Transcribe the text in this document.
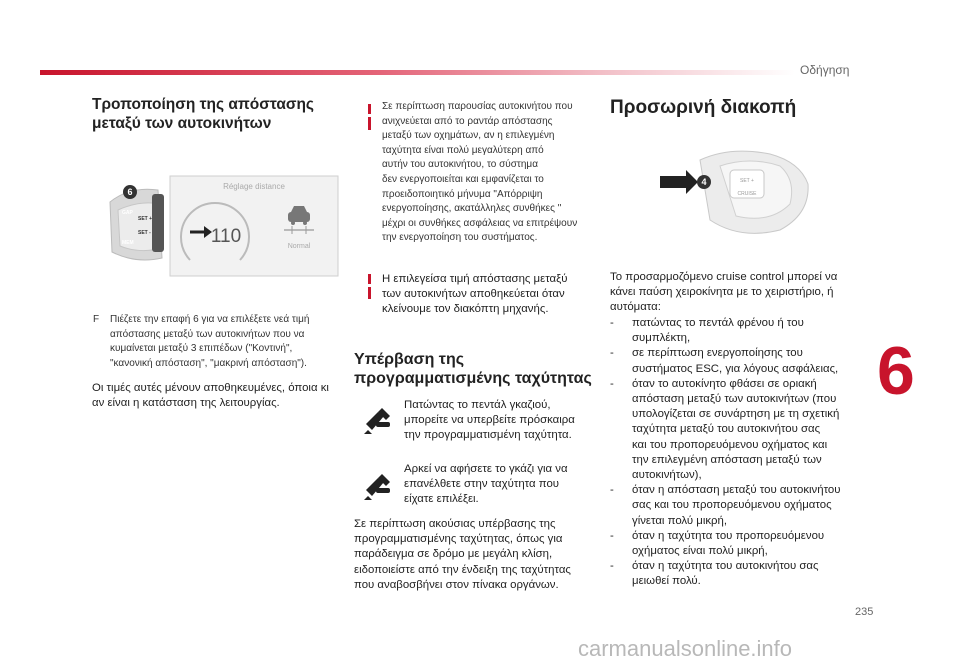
Οδήγηση
Τροποποίηση της απόστασης μεταξύ των αυτοκινήτων
GAP
SET +
SET -
MEM
6
Réglage distance
110	Normal
F Πιέζετε την επαφή 6 για να επιλέξετε νεά τιμή
απόστασης μεταξύ των αυτοκινήτων που να
κυμαίνεται μεταξύ 3 επιπέδων ("Κοντινή",
"κανονική απόσταση", "μακρινή απόσταση").
Οι τιμές αυτές μένουν αποθηκευμένες, όποια κι
αν είναι η κατάσταση της λειτουργίας.
Σε περίπτωση παρουσίας αυτοκινήτου που
ανιχνεύεται από το ραντάρ απόστασης
μεταξύ των οχημάτων, αν η επιλεγμένη
ταχύτητα είναι πολύ μεγαλύτερη από
αυτήν του αυτοκινήτου, το σύστημα
δεν ενεργοποιείται και εμφανίζεται το
προειδοποιητικό μήνυμα "Απόρριψη
ενεργοποίησης, ακατάλληλες συνθήκες "
μέχρι οι συνθήκες ασφάλειας να επιτρέψουν
την ενεργοποίηση του συστήματος.
Η επιλεγείσα τιμή απόστασης μεταξύ
των αυτοκινήτων αποθηκεύεται όταν
κλείνουμε τον διακόπτη μηχανής.
Υπέρβαση της προγραμματισμένης ταχύτητας
Πατώντας το πεντάλ γκαζιού,
μπορείτε να υπερβείτε πρόσκαιρα
την προγραμματισμένη ταχύτητα.
Αρκεί να αφήσετε το γκάζι για να
επανέλθετε στην ταχύτητα που
είχατε επιλέξει.
Σε περίπτωση ακούσιας υπέρβασης της
προγραμματισμένης ταχύτητας, όπως για
παράδειγμα σε δρόμο με μεγάλη κλίση,
ειδοποιείστε από την ένδειξη της ταχύτητας
που αναβοσβήνει στον πίνακα οργάνων.
Προσωρινή διακοπή
SET +
CRUISE
4
Το προσαρμοζόμενο cruise control μπορεί να
κάνει παύση χειροκίνητα με το χειριστήριο, ή
αυτόματα:
- πατώντας το πεντάλ φρένου ή του
συμπλέκτη,
- σε περίπτωση ενεργοποίησης του
συστήματος ESC, για λόγους ασφάλειας,
- όταν το αυτοκίνητο φθάσει σε οριακή
απόσταση μεταξύ των αυτοκινήτων (που
υπολογίζεται σε συνάρτηση με τη σχετική
ταχύτητα μεταξύ του αυτοκινήτου σας
και του προπορευόμενου οχήματος και
την επιλεγμένη απόσταση μεταξύ των
αυτοκινήτων),
- όταν η απόσταση μεταξύ του αυτοκινήτου
σας και του προπορευόμενου οχήματος
γίνεται πολύ μικρή,
- όταν η ταχύτητα του προπορευόμενου
οχήματος είναι πολύ μικρή,
- όταν η ταχύτητα του αυτοκινήτου σας
μειωθεί πολύ.
6
235
carmanualsonline.info
